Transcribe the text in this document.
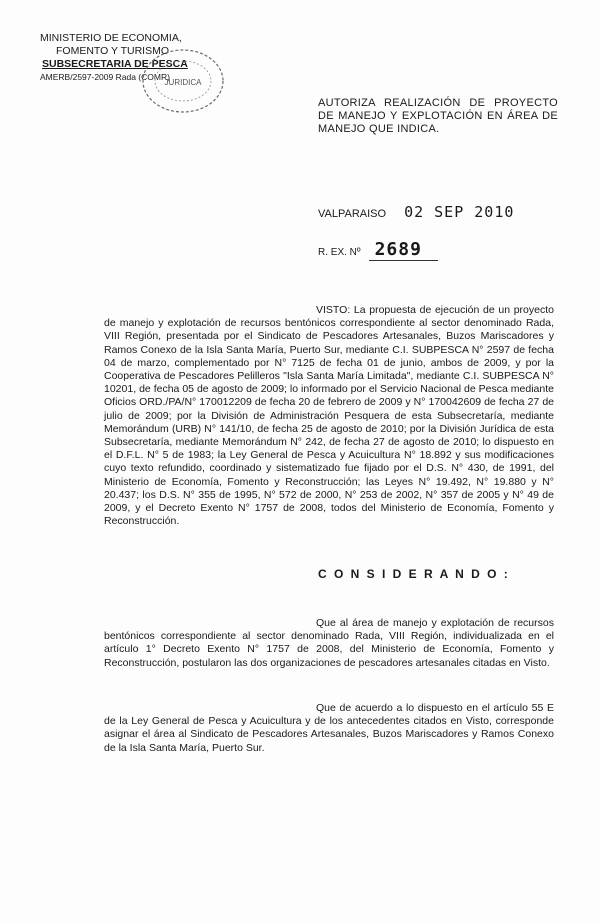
MINISTERIO DE ECONOMIA,
FOMENTO Y TURISMO
SUBSECRETARIA DE PESCA
AMERB/2597-2009 Rada (COMR)
JURIDICA
AUTORIZA REALIZACIÓN DE PROYECTO DE MANEJO Y EXPLOTACIÓN EN ÁREA DE MANEJO QUE INDICA.
VALPARAISO 02 SEP 2010
R. EX. Nº 2689
VISTO: La propuesta de ejecución de un proyecto de manejo y explotación de recursos bentónicos correspondiente al sector denominado Rada, VIII Región, presentada por el Sindicato de Pescadores Artesanales, Buzos Mariscadores y Ramos Conexo de la Isla Santa María, Puerto Sur, mediante C.I. SUBPESCA N° 2597 de fecha 04 de marzo, complementado por N° 7125 de fecha 01 de junio, ambos de 2009, y por la Cooperativa de Pescadores Pelilleros "Isla Santa María Limitada", mediante C.I. SUBPESCA N° 10201, de fecha 05 de agosto de 2009; lo informado por el Servicio Nacional de Pesca mediante Oficios ORD./PA/N° 170012209 de fecha 20 de febrero de 2009 y N° 170042609 de fecha 27 de julio de 2009; por la División de Administración Pesquera de esta Subsecretaría, mediante Memorándum (URB) N° 141/10, de fecha 25 de agosto de 2010; por la División Jurídica de esta Subsecretaría, mediante Memorándum N° 242, de fecha 27 de agosto de 2010; lo dispuesto en el D.F.L. N° 5 de 1983; la Ley General de Pesca y Acuicultura N° 18.892 y sus modificaciones cuyo texto refundido, coordinado y sistematizado fue fijado por el D.S. N° 430, de 1991, del Ministerio de Economía, Fomento y Reconstrucción; las Leyes N° 19.492, N° 19.880 y N° 20.437; los D.S. N° 355 de 1995, N° 572 de 2000, N° 253 de 2002, N° 357 de 2005 y N° 49 de 2009, y el Decreto Exento N° 1757 de 2008, todos del Ministerio de Economía, Fomento y Reconstrucción.
C O N S I D E R A N D O :
Que al área de manejo y explotación de recursos bentónicos correspondiente al sector denominado Rada, VIII Región, individualizada en el artículo 1° Decreto Exento N° 1757 de 2008, del Ministerio de Economía, Fomento y Reconstrucción, postularon las dos organizaciones de pescadores artesanales citadas en Visto.
Que de acuerdo a lo dispuesto en el artículo 55 E de la Ley General de Pesca y Acuicultura y de los antecedentes citados en Visto, corresponde asignar el área al Sindicato de Pescadores Artesanales, Buzos Mariscadores y Ramos Conexo de la Isla Santa María, Puerto Sur.
